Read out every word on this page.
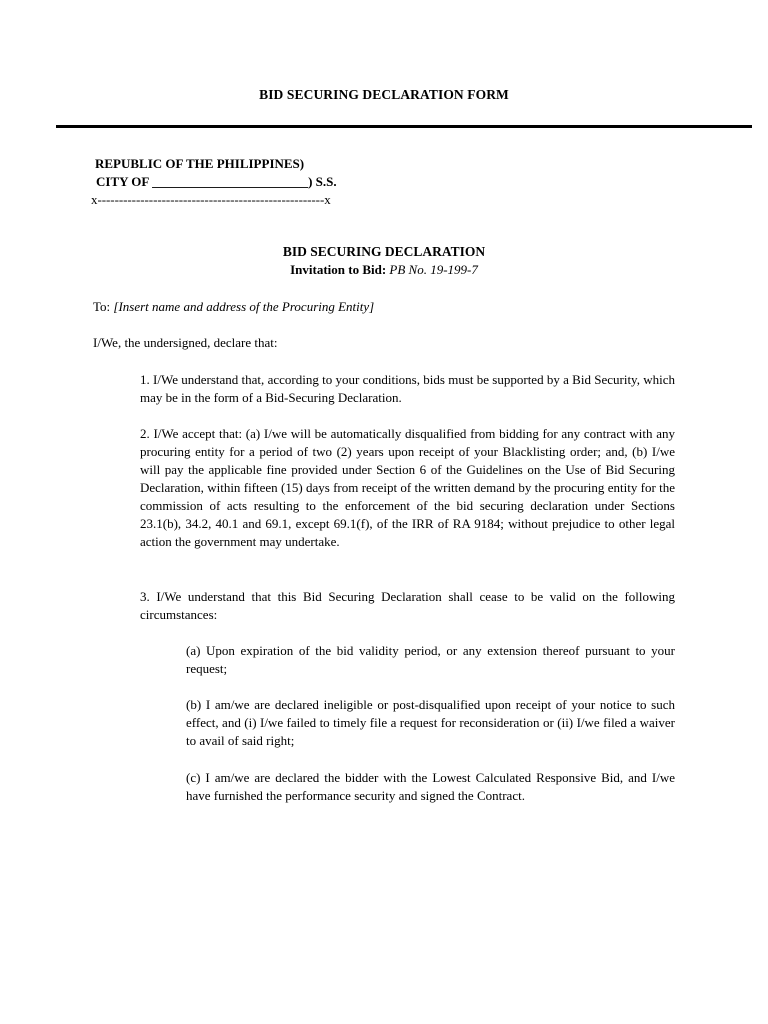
BID SECURING DECLARATION FORM
REPUBLIC OF THE PHILIPPINES)
CITY OF ________________________) S.S.
x-----------------------------------------------------x
BID SECURING DECLARATION
Invitation to Bid: PB No. 19-199-7
To: [Insert name and address of the Procuring Entity]
I/We, the undersigned, declare that:
1. I/We understand that, according to your conditions, bids must be supported by a Bid Security, which may be in the form of a Bid-Securing Declaration.
2. I/We accept that: (a) I/we will be automatically disqualified from bidding for any contract with any procuring entity for a period of two (2) years upon receipt of your Blacklisting order; and, (b) I/we will pay the applicable fine provided under Section 6 of the Guidelines on the Use of Bid Securing Declaration, within fifteen (15) days from receipt of the written demand by the procuring entity for the commission of acts resulting to the enforcement of the bid securing declaration under Sections 23.1(b), 34.2, 40.1 and 69.1, except 69.1(f), of the IRR of RA 9184; without prejudice to other legal action the government may undertake.
3. I/We understand that this Bid Securing Declaration shall cease to be valid on the following circumstances:
(a) Upon expiration of the bid validity period, or any extension thereof pursuant to your request;
(b) I am/we are declared ineligible or post-disqualified upon receipt of your notice to such effect, and (i) I/we failed to timely file a request for reconsideration or (ii) I/we filed a waiver to avail of said right;
(c) I am/we are declared the bidder with the Lowest Calculated Responsive Bid, and I/we have furnished the performance security and signed the Contract.
